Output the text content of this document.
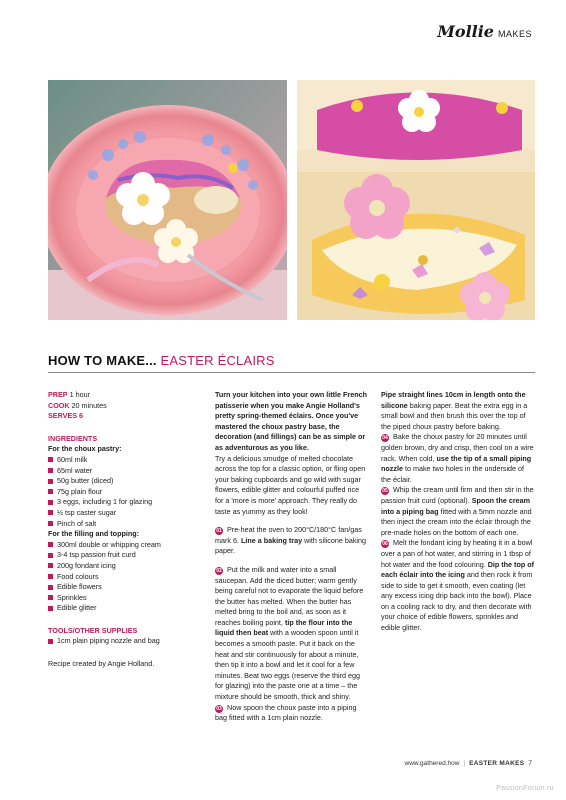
Mollie MAKES
HOW TO MAKE... EASTER ÉCLAIRS
PREP 1 hour
COOK 20 minutes
SERVES 6
INGREDIENTS
For the choux pastry:
60ml milk
65ml water
50g butter (diced)
75g plain flour
3 eggs, including 1 for glazing
½ tsp caster sugar
Pinch of salt
For the filling and topping:
300ml double or whipping cream
3-4 tsp passion fruit curd
200g fondant icing
Food colours
Edible flowers
Sprinkles
Edible glitter
TOOLS/OTHER SUPPLIES
1cm plain piping nozzle and bag
Recipe created by Angie Holland.
Turn your kitchen into your own little French patisserie when you make Angie Holland's pretty spring-themed éclairs. Once you've mastered the choux pastry base, the decoration (and fillings) can be as simple or as adventurous as you like.
Try a delicious smudge of melted chocolate across the top for a classic option, or fling open your baking cupboards and go wild with sugar flowers, edible glitter and colourful puffed rice for a 'more is more' approach. They really do taste as yummy as they look!
01 Pre-heat the oven to 200°C/180°C fan/gas mark 6. Line a baking tray with silicone baking paper.
02 Put the milk and water into a small saucepan. Add the diced butter; warm gently being careful not to evaporate the liquid before the butter has melted. When the butter has melted bring to the boil and, as soon as it reaches boiling point, tip the flour into the liquid then beat with a wooden spoon until it becomes a smooth paste. Put it back on the heat and stir continuously for about a minute, then tip it into a bowl and let it cool for a few minutes. Beat two eggs (reserve the third egg for glazing) into the paste one at a time – the mixture should be smooth, thick and shiny.
03 Now spoon the choux paste into a piping bag fitted with a 1cm plain nozzle.
Pipe straight lines 10cm in length onto the silicone baking paper. Beat the extra egg in a small bowl and then brush this over the top of the piped choux pastry before baking.
04 Bake the choux pastry for 20 minutes until golden brown, dry and crisp, then cool on a wire rack. When cold, use the tip of a small piping nozzle to make two holes in the underside of the éclair.
05 Whip the cream until firm and then stir in the passion fruit curd (optional). Spoon the cream into a piping bag fitted with a 5mm nozzle and then inject the cream into the éclair through the pre-made holes on the bottom of each one.
06 Melt the fondant icing by heating it in a bowl over a pan of hot water, and stirring in 1 tbsp of hot water and the food colouring. Dip the top of each éclair into the icing and then rock it from side to side to get it smooth, even coating (let any excess icing drip back into the bowl). Place on a cooling rack to dry, and then decorate with your choice of edible flowers, sprinkles and edible glitter.
www.gathered.how | EASTER MAKES 7
PassionForum.ru
